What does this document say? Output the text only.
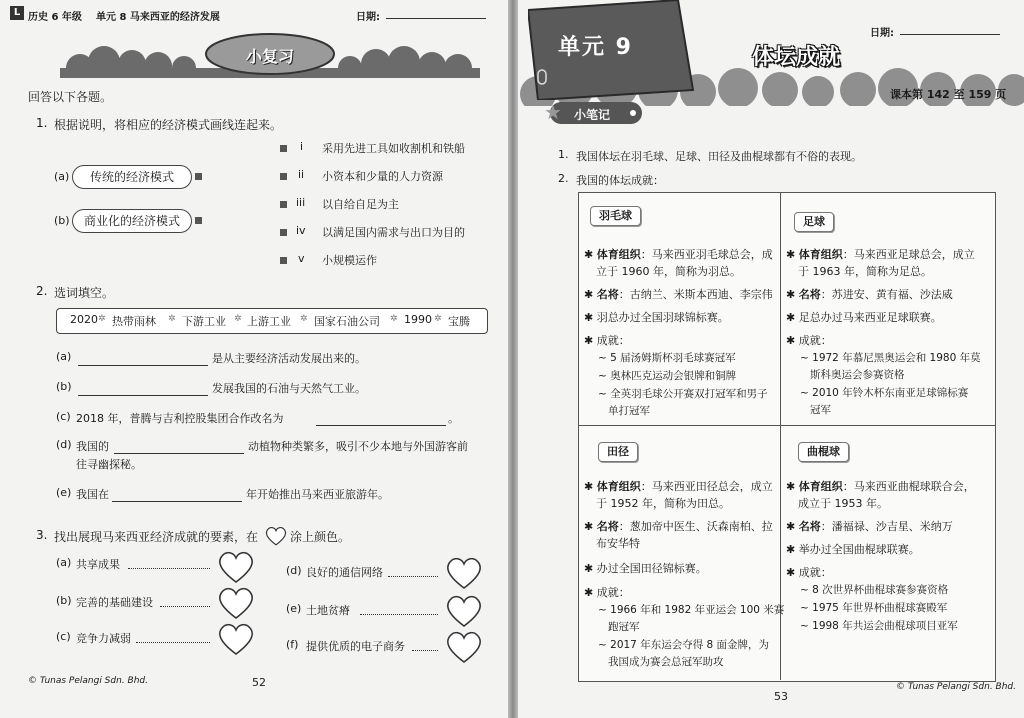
L 历史 6 年级 单元 8 马来西亚的经济发展	日期:
小复习
回答以下各题。
1. 根据说明，将相应的经济模式画线连起来。
(a)	传统的经济模式
(b)	商业化的经济模式
i 采用先进工具如收割机和铁船
ii 小资本和少量的人力资源
iii 以自给自足为主
iv 以满足国内需求与出口为目的
v 小规模运作
2. 选词填空。
2020 热带雨林 下游工业 上游工业 国家石油公司 1990 宝腾
✲	✲	✲	✲	✲	✲
(a)	是从主要经济活动发展出来的。
(b)	发展我国的石油与天然气工业。
(c) 2018 年，普腾与吉利控股集团合作改名为	。
(d) 我国的	动植物种类繁多，吸引不少本地与外国游客前
往寻幽探秘。
(e) 我国在	年开始推出马来西亚旅游年。
3. 找出展现马来西亚经济成就的要素，在	涂上颜色。
(a) 共享成果
(b) 完善的基础建设
(c) 竞争力减弱
(d) 良好的通信网络
(e) 土地贫瘠
(f) 提供优质的电子商务
© Tunas Pelangi Sdn. Bhd.	52
单元 9
日期:
体坛成就
课本第 142 至 159 页
★ 小笔记
1. 我国体坛在羽毛球、足球、田径及曲棍球都有不俗的表现。
2. 我国的体坛成就：
羽毛球
✱ 体育组织：马来西亚羽毛球总会，成
立于 1960 年，简称为羽总。
✱ 名将：古纳兰、米斯本西迪、李宗伟
✱ 羽总办过全国羽球锦标赛。
✱ 成就：
~ 5 届汤姆斯杯羽毛球赛冠军
~ 奥林匹克运动会银牌和铜牌
~ 全英羽毛球公开赛双打冠军和男子
单打冠军
足球
✱ 体育组织：马来西亚足球总会，成立
于 1963 年，简称为足总。
✱ 名将：苏进安、黄有福、沙法威
✱ 足总办过马来西亚足球联赛。
✱ 成就：
~ 1972 年慕尼黑奥运会和 1980 年莫
斯科奥运会参赛资格
~ 2010 年铃木杯东南亚足球锦标赛
冠军
田径
✱ 体育组织：马来西亚田径总会，成立
于 1952 年，简称为田总。
✱ 名将：葱加帝中医生、沃森南柏、拉
布安华特
✱ 办过全国田径锦标赛。
✱ 成就：
~ 1966 年和 1982 年亚运会 100 米赛
跑冠军
~ 2017 年东运会夺得 8 面金牌，为
我国成为赛会总冠军助攻
曲棍球
✱ 体育组织：马来西亚曲棍球联合会，
成立于 1953 年。
✱ 名将：潘福禄、沙吉星、米纳万
✱ 举办过全国曲棍球联赛。
✱ 成就：
~ 8 次世界杯曲棍球赛参赛资格
~ 1975 年世界杯曲棍球赛殿军
~ 1998 年共运会曲棍球项目亚军
53
© Tunas Pelangi Sdn. Bhd.
